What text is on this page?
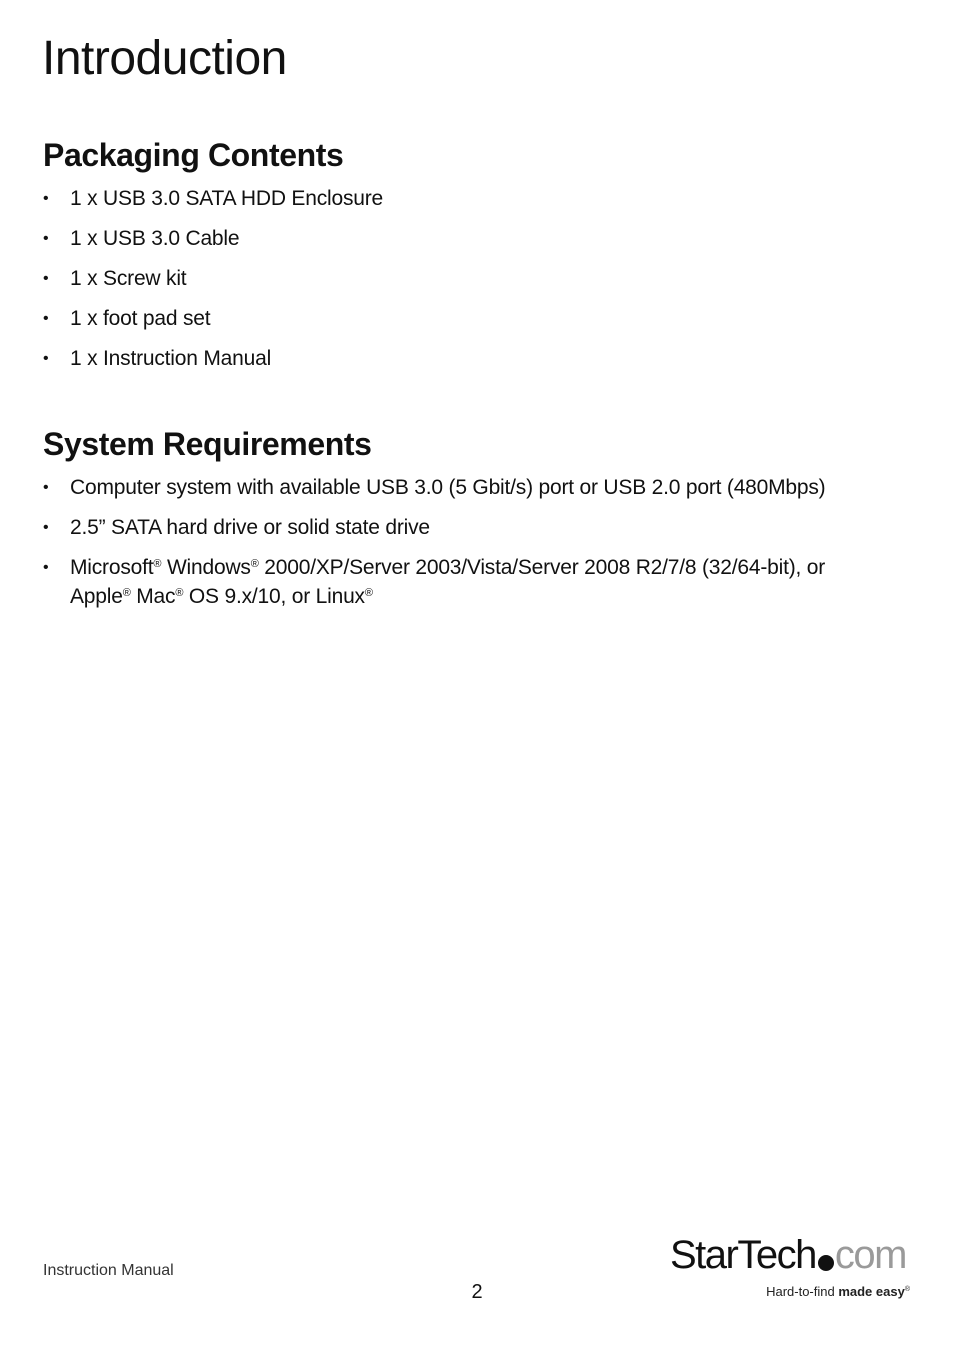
Introduction
Packaging Contents
• 1 x USB 3.0 SATA HDD Enclosure
• 1 x USB 3.0 Cable
• 1 x Screw kit
• 1 x foot pad set
• 1 x Instruction Manual
System Requirements
• Computer system with available USB 3.0 (5 Gbit/s) port or USB 2.0 port (480Mbps)
• 2.5” SATA hard drive or solid state drive
• Microsoft® Windows® 2000/XP/Server 2003/Vista/Server 2008 R2/7/8 (32/64-bit), or
Apple® Mac® OS 9.x/10, or Linux®
Instruction Manual
2
StarTech com
Hard-to-find made easy®
